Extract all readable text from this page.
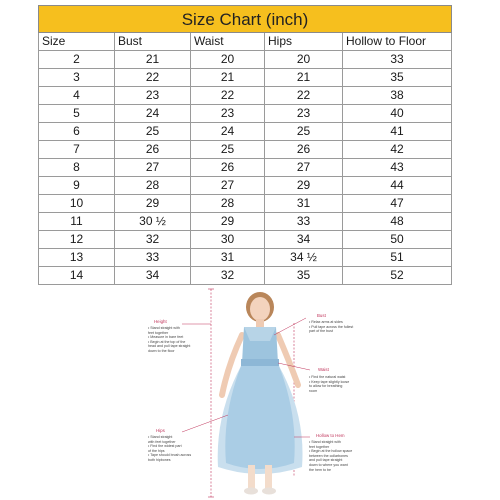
Size Chart (inch)				
Size	Bust	Waist	Hips	Hollow to Floor
2	21	20	20	33
3	22	21	21	35
4	23	22	22	38
5	24	23	23	40
6	25	24	25	41
7	26	25	26	42
8	27	26	27	43
9	28	27	29	44
10	29	28	31	47
11	30 ½	29	33	48
12	32	30	34	50
13	33	31	34 ½	51
14	34	32	35	52
Height
• Stand straight with
feet together
• Measure in bare feet
• Begin at the top of the
head and pull tape straight
down to the floor
Bust
• Relax arms at sides
• Pull tape across the fullest
part of the bust
Waist
• Find the natural waist
• Keep tape slightly loose
to allow for breathing
room
Hips
• Stand straight
with feet together
• Find the widest part
of the hips
• Tape should brush across
both hipbones
Hollow to Hem
• Stand straight with
feet together
• Begin at the hollow space
between the collarbones
and pull tape straight
down to where you want
the hem to be
